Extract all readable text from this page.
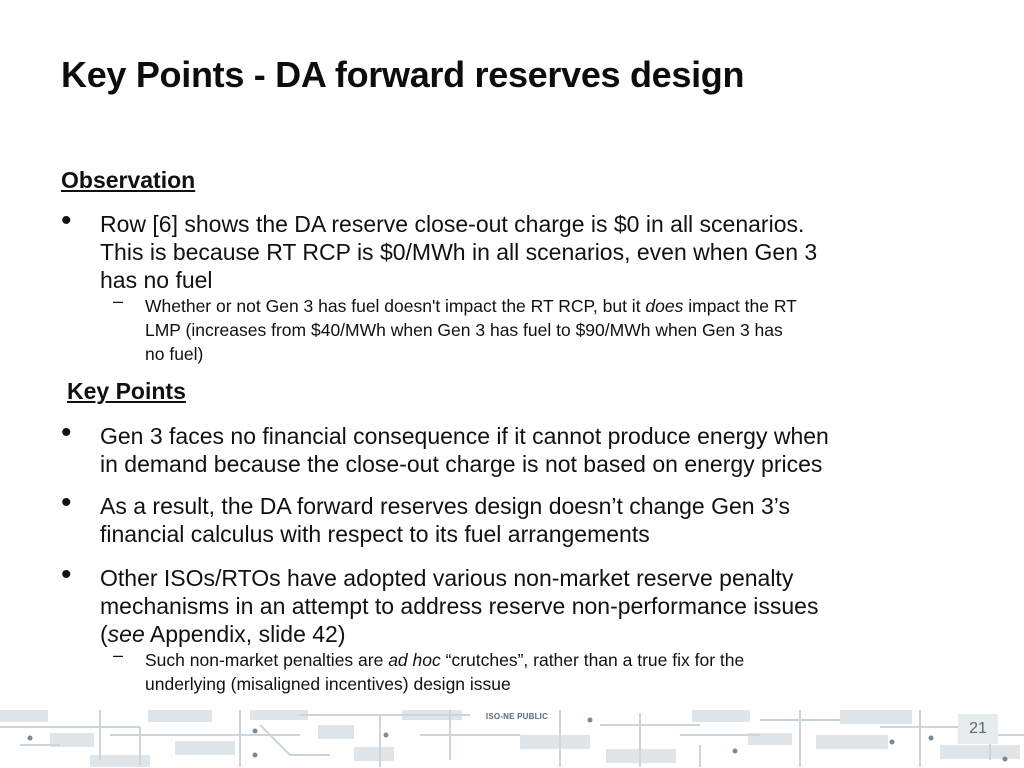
Key Points - DA forward reserves design
Observation
• Row [6] shows the DA reserve close-out charge is $0 in all scenarios.
This is because RT RCP is $0/MWh in all scenarios, even when Gen 3
has no fuel
– Whether or not Gen 3 has fuel doesn't impact the RT RCP, but it does impact the RT
LMP (increases from $40/MWh when Gen 3 has fuel to $90/MWh when Gen 3 has
no fuel)
Key Points
• Gen 3 faces no financial consequence if it cannot produce energy when
in demand because the close-out charge is not based on energy prices
• As a result, the DA forward reserves design doesn’t change Gen 3’s
financial calculus with respect to its fuel arrangements
• Other ISOs/RTOs have adopted various non-market reserve penalty
mechanisms in an attempt to address reserve non-performance issues
(see Appendix, slide 42)
– Such non-market penalties are ad hoc “crutches”, rather than a true fix for the
underlying (misaligned incentives) design issue
ISO-NE PUBLIC
21
